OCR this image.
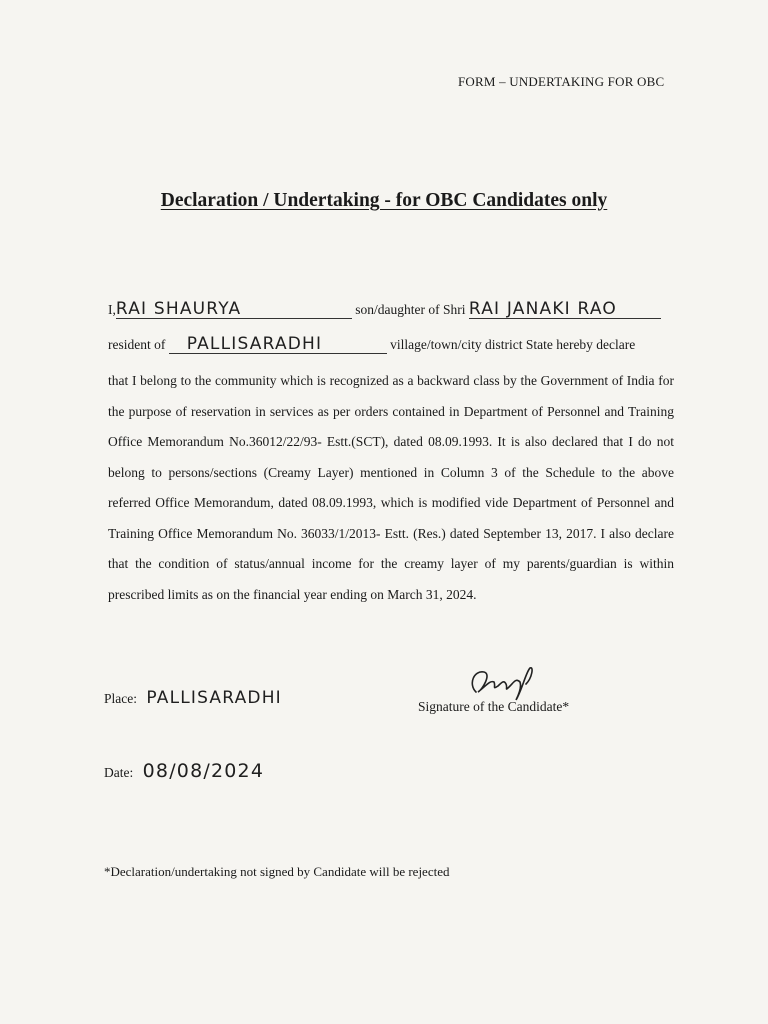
FORM – UNDERTAKING FOR OBC
Declaration / Undertaking - for OBC Candidates only
I,RAI SHAURYA	son/daughter of Shri RAI JANAKI RAO
resident of PALLISARADHI	village/town/city district State hereby declare

that I belong to the community which is recognized as a backward class by the Government of India for the purpose of reservation in services as per orders contained in Department of Personnel and Training Office Memorandum No.36012/22/93- Estt.(SCT), dated 08.09.1993. It is also declared that I do not belong to persons/sections (Creamy Layer) mentioned in Column 3 of the Schedule to the above referred Office Memorandum, dated 08.09.1993, which is modified vide Department of Personnel and Training Office Memorandum No. 36033/1/2013- Estt. (Res.) dated September 13, 2017. I also declare that the condition of status/annual income for the creamy layer of my parents/guardian is within prescribed limits as on the financial year ending on March 31, 2024.

Place: PALLISARADHI	Signature of the Candidate*
Date: 08/08/2024
*Declaration/undertaking not signed by Candidate will be rejected
